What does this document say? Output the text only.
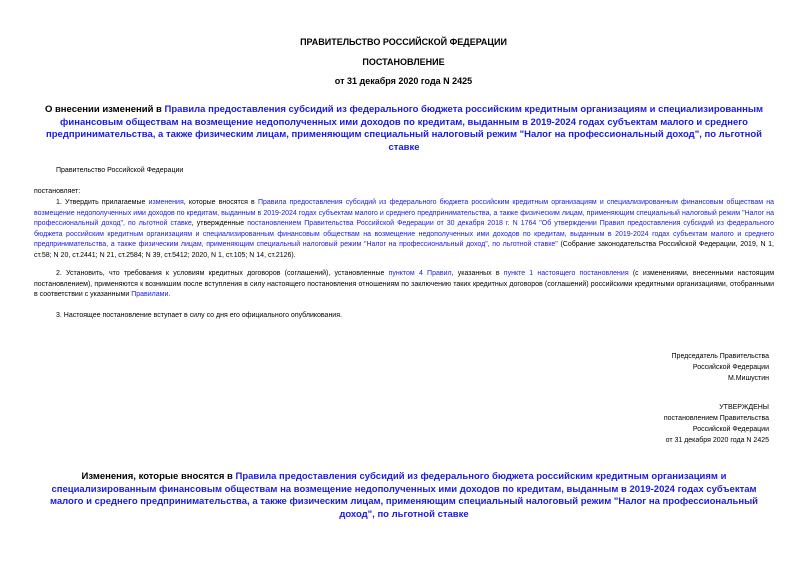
ПРАВИТЕЛЬСТВО РОССИЙСКОЙ ФЕДЕРАЦИИ
ПОСТАНОВЛЕНИЕ
от 31 декабря 2020 года N 2425
О внесении изменений в Правила предоставления субсидий из федерального бюджета российским кредитным организациям и специализированным финансовым обществам на возмещение недополученных ими доходов по кредитам, выданным в 2019-2024 годах субъектам малого и среднего предпринимательства, а также физическим лицам, применяющим специальный налоговый режим "Налог на профессиональный доход", по льготной ставке
Правительство Российской Федерации
постановляет:
1. Утвердить прилагаемые изменения, которые вносятся в Правила предоставления субсидий из федерального бюджета российским кредитным организациям и специализированным финансовым обществам на возмещение недополученных ими доходов по кредитам, выданным в 2019-2024 годах субъектам малого и среднего предпринимательства, а также физическим лицам, применяющим специальный налоговый режим "Налог на профессиональный доход", по льготной ставке, утвержденные постановлением Правительства Российской Федерации от 30 декабря 2018 г. N 1764 "Об утверждении Правил предоставления субсидий из федерального бюджета российским кредитным организациям и специализированным финансовым обществам на возмещение недополученных ими доходов по кредитам, выданным в 2019-2024 годах субъектам малого и среднего предпринимательства, а также физическим лицам, применяющим специальный налоговый режим "Налог на профессиональный доход", по льготной ставке" (Собрание законодательства Российской Федерации, 2019, N 1, ст.58; N 20, ст.2441; N 21, ст.2584; N 39, ст.5412; 2020, N 1, ст.105; N 14, ст.2126).
2. Установить, что требования к условиям кредитных договоров (соглашений), установленные пунктом 4 Правил, указанных в пункте 1 настоящего постановления (с изменениями, внесенными настоящим постановлением), применяются к возникшим после вступления в силу настоящего постановления отношениям по заключению таких кредитных договоров (соглашений) российскими кредитными организациями, отобранными в соответствии с указанными Правилами.
3. Настоящее постановление вступает в силу со дня его официального опубликования.
Председатель Правительства
Российской Федерации
М.Мишустин
УТВЕРЖДЕНЫ
постановлением Правительства
Российской Федерации
от 31 декабря 2020 года N 2425
Изменения, которые вносятся в Правила предоставления субсидий из федерального бюджета российским кредитным организациям и специализированным финансовым обществам на возмещение недополученных ими доходов по кредитам, выданным в 2019-2024 годах субъектам малого и среднего предпринимательства, а также физическим лицам, применяющим специальный налоговый режим "Налог на профессиональный доход", по льготной ставке
